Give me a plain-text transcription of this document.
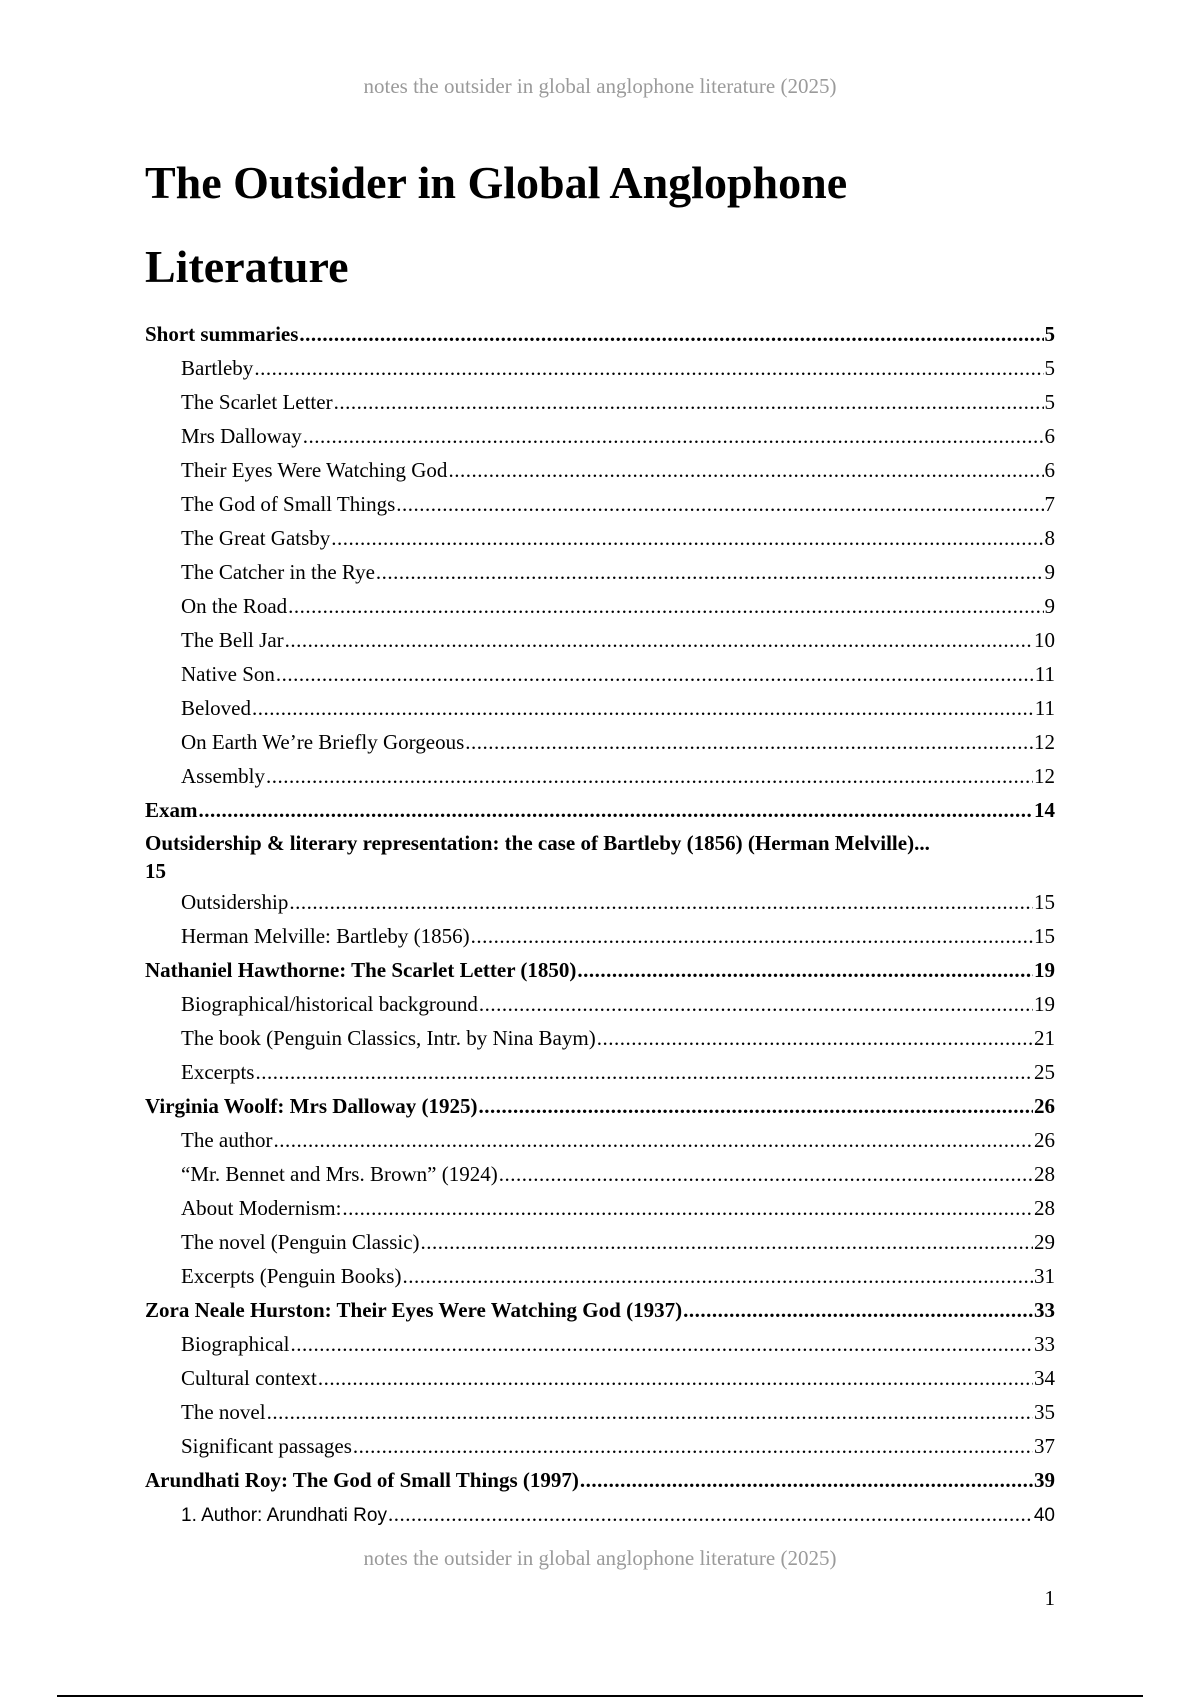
notes the outsider in global anglophone literature (2025)
The Outsider in Global Anglophone Literature
Short summaries .....	5
Bartleby .....	5
The Scarlet Letter .....	5
Mrs Dalloway .....	6
Their Eyes Were Watching God .....	6
The God of Small Things .....	7
The Great Gatsby .....	8
The Catcher in the Rye .....	9
On the Road .....	9
The Bell Jar .....	10
Native Son .....	11
Beloved .....	11
On Earth We’re Briefly Gorgeous .....	12
Assembly .....	12
Exam .....	14
Outsidership & literary representation: the case of Bartleby (1856) (Herman Melville)...
15
Outsidership .....	15
Herman Melville: Bartleby (1856) .....	15
Nathaniel Hawthorne: The Scarlet Letter (1850) .....	19
Biographical/historical background .....	19
The book (Penguin Classics, Intr. by Nina Baym) .....	21
Excerpts .....	25
Virginia Woolf: Mrs Dalloway (1925) .....	26
The author .....	26
“Mr. Bennet and Mrs. Brown” (1924) .....	28
About Modernism: .....	28
The novel (Penguin Classic) .....	29
Excerpts (Penguin Books) .....	31
Zora Neale Hurston: Their Eyes Were Watching God (1937) .....	33
Biographical .....	33
Cultural context .....	34
The novel .....	35
Significant passages .....	37
Arundhati Roy: The God of Small Things (1997) .....	39
1. Author: Arundhati Roy .....	40
notes the outsider in global anglophone literature (2025)
1
